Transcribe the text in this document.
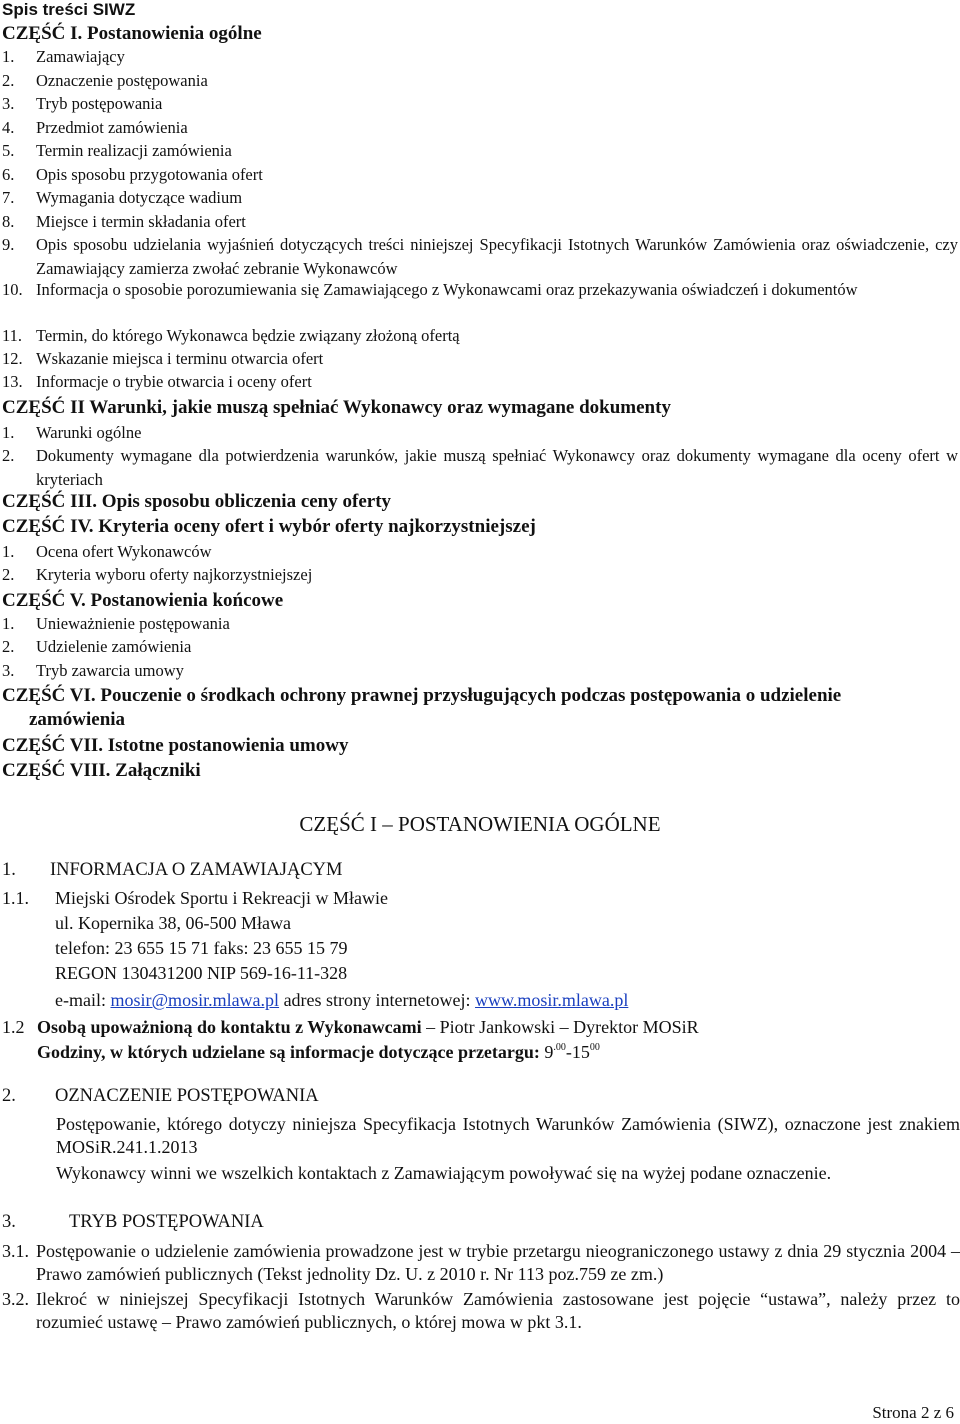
Spis treści SIWZ
CZĘŚĆ I. Postanowienia ogólne
1.	Zamawiający
2.	Oznaczenie postępowania
3.	Tryb postępowania
4.	Przedmiot zamówienia
5.	Termin realizacji zamówienia
6.	Opis sposobu przygotowania ofert
7.	Wymagania dotyczące wadium
8.	Miejsce i termin składania ofert
9.	Opis sposobu udzielania wyjaśnień dotyczących treści niniejszej Specyfikacji Istotnych Warunków Zamówienia oraz oświadczenie, czy Zamawiający zamierza zwołać zebranie Wykonawców
10. Informacja o sposobie porozumiewania się Zamawiającego z Wykonawcami oraz przekazywania oświadczeń i dokumentów
11. Termin, do którego Wykonawca będzie związany złożoną ofertą
12. Wskazanie miejsca i terminu otwarcia ofert
13. Informacje o trybie otwarcia i oceny ofert
CZĘŚĆ II Warunki, jakie muszą spełniać Wykonawcy oraz wymagane dokumenty
1.	Warunki ogólne
2.	Dokumenty wymagane dla potwierdzenia warunków, jakie muszą spełniać Wykonawcy oraz dokumenty wymagane dla oceny ofert w kryteriach
CZĘŚĆ III. Opis sposobu obliczenia ceny oferty
CZĘŚĆ IV. Kryteria oceny ofert i wybór oferty najkorzystniejszej
1.	Ocena ofert Wykonawców
2.	Kryteria wyboru oferty najkorzystniejszej
CZĘŚĆ V. Postanowienia końcowe
1.	Unieważnienie postępowania
2.	Udzielenie zamówienia
3.	Tryb zawarcia umowy
CZĘŚĆ VI. Pouczenie o środkach ochrony prawnej przysługujących podczas postępowania o udzielenie
zamówienia
CZĘŚĆ VII. Istotne postanowienia umowy
CZĘŚĆ VIII. Załączniki
CZĘŚĆ I – POSTANOWIENIA OGÓLNE
1. INFORMACJA O ZAMAWIAJĄCYM
1.1. Miejski Ośrodek Sportu i Rekreacji w Mławie
ul. Kopernika 38, 06-500 Mława
telefon: 23 655 15 71 faks: 23 655 15 79
REGON 130431200 NIP 569-16-11-328
e-mail: mosir@mosir.mlawa.pl adres strony internetowej: www.mosir.mlawa.pl
1.2 Osobą upoważnioną do kontaktu z Wykonawcami – Piotr Jankowski – Dyrektor MOSiR
Godziny, w których udzielane są informacje dotyczące przetargu: $9^{.00}-15^{00}$
2. OZNACZENIE POSTĘPOWANIA
Postępowanie, którego dotyczy niniejsza Specyfikacja Istotnych Warunków Zamówienia (SIWZ), oznaczone jest znakiem MOSiR.241.1.2013
Wykonawcy winni we wszelkich kontaktach z Zamawiającym powoływać się na wyżej podane oznaczenie.
3.	TRYB POSTĘPOWANIA
3.1. Postępowanie o udzielenie zamówienia prowadzone jest w trybie przetargu nieograniczonego ustawy z dnia 29 stycznia 2004 – Prawo zamówień publicznych (Tekst jednolity Dz. U. z 2010 r. Nr 113 poz.759 ze zm.)
3.2. Ilekroć w niniejszej Specyfikacji Istotnych Warunków Zamówienia zastosowane jest pojęcie “ustawa”, należy przez to rozumieć ustawę – Prawo zamówień publicznych, o której mowa w pkt 3.1.
Strona 2 z 6
